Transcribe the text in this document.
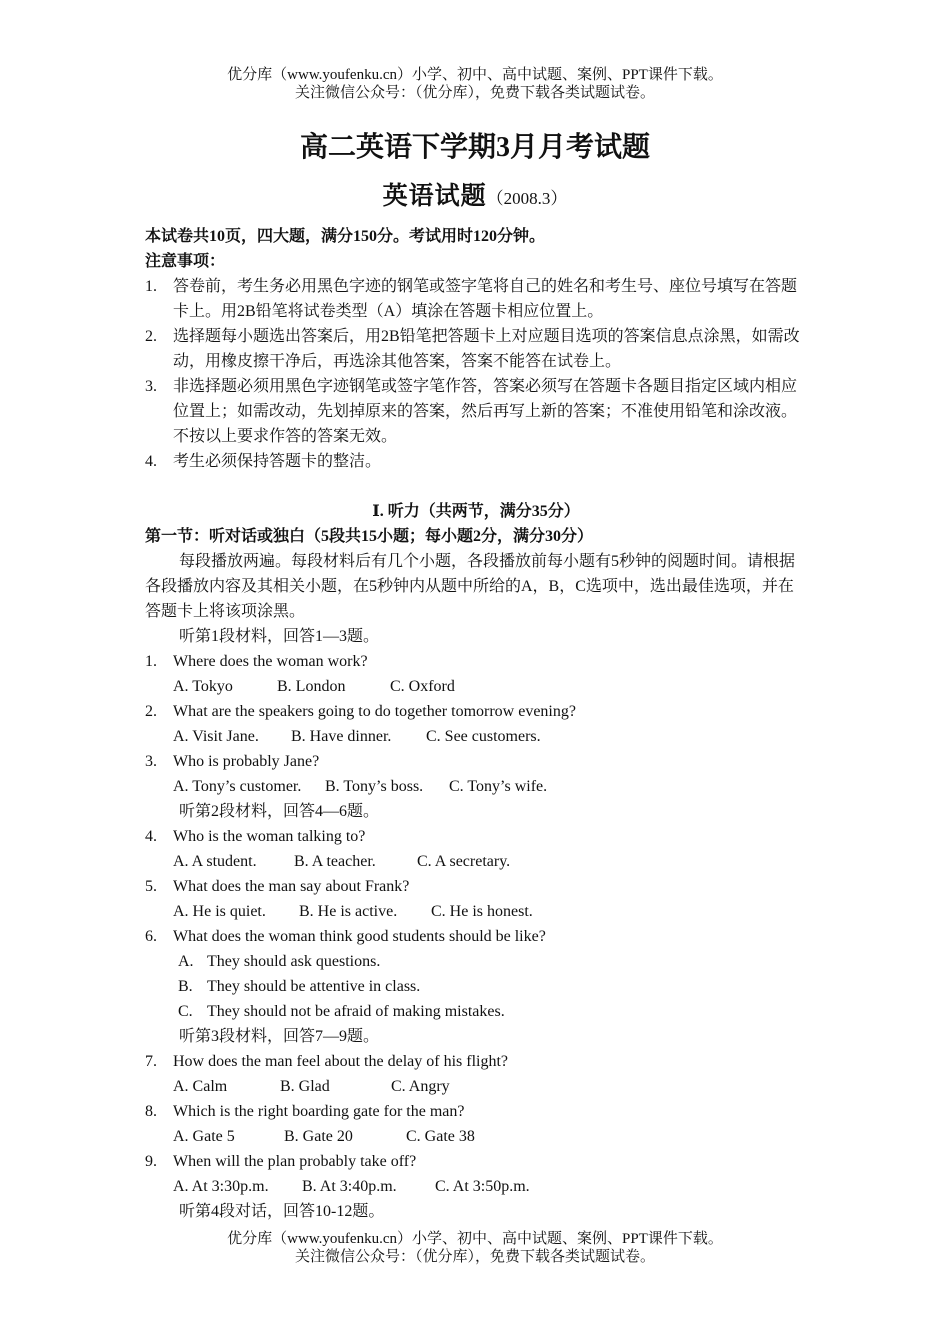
优分库（www.youfenku.cn）小学、初中、高中试题、案例、PPT课件下载。
关注微信公众号：（优分库），免费下载各类试题试卷。
高二英语下学期3月月考试题
英语试题（2008.3）
本试卷共10页，四大题，满分150分。考试用时120分钟。
注意事项：
1. 答卷前，考生务必用黑色字迹的钢笔或签字笔将自己的姓名和考生号、座位号填写在答题卡上。用2B铅笔将试卷类型（A）填涂在答题卡相应位置上。
2. 选择题每小题选出答案后，用2B铅笔把答题卡上对应题目选项的答案信息点涂黑，如需改动，用橡皮擦干净后，再选涂其他答案，答案不能答在试卷上。
3. 非选择题必须用黑色字迹钢笔或签字笔作答，答案必须写在答题卡各题目指定区域内相应位置上；如需改动，先划掉原来的答案，然后再写上新的答案；不准使用铅笔和涂改液。不按以上要求作答的答案无效。
4. 考生必须保持答题卡的整洁。
Ⅰ. 听力（共两节，满分35分）
第一节：听对话或独白（5段共15小题；每小题2分，满分30分）
每段播放两遍。每段材料后有几个小题，各段播放前每小题有5秒钟的阅题时间。请根据各段播放内容及其相关小题，在5秒钟内从题中所给的A，B，C选项中，选出最佳选项，并在答题卡上将该项涂黑。
听第1段材料，回答1—3题。
1. Where does the woman work?
A. Tokyo	B. London	C. Oxford
2. What are the speakers going to do together tomorrow evening?
A. Visit Jane. B. Have dinner. C. See customers.
3. Who is probably Jane?
A. Tony’s customer. B. Tony’s boss. C. Tony’s wife.
听第2段材料，回答4—6题。
4. Who is the woman talking to?
A. A student. B. A teacher.	C. A secretary.
5. What does the man say about Frank?
A. He is quiet. B. He is active. C. He is honest.
6. What does the woman think good students should be like?
A. They should ask questions.
B. They should be attentive in class.
C. They should not be afraid of making mistakes.
听第3段材料，回答7—9题。
7. How does the man feel about the delay of his flight?
A. Calm	B. Glad	C. Angry
8. Which is the right boarding gate for the man?
A. Gate 5	B. Gate 20	C. Gate 38
9. When will the plan probably take off?
A. At 3:30p.m. B. At 3:40p.m. C. At 3:50p.m.
听第4段对话，回答10-12题。
优分库（www.youfenku.cn）小学、初中、高中试题、案例、PPT课件下载。
关注微信公众号：（优分库），免费下载各类试题试卷。
